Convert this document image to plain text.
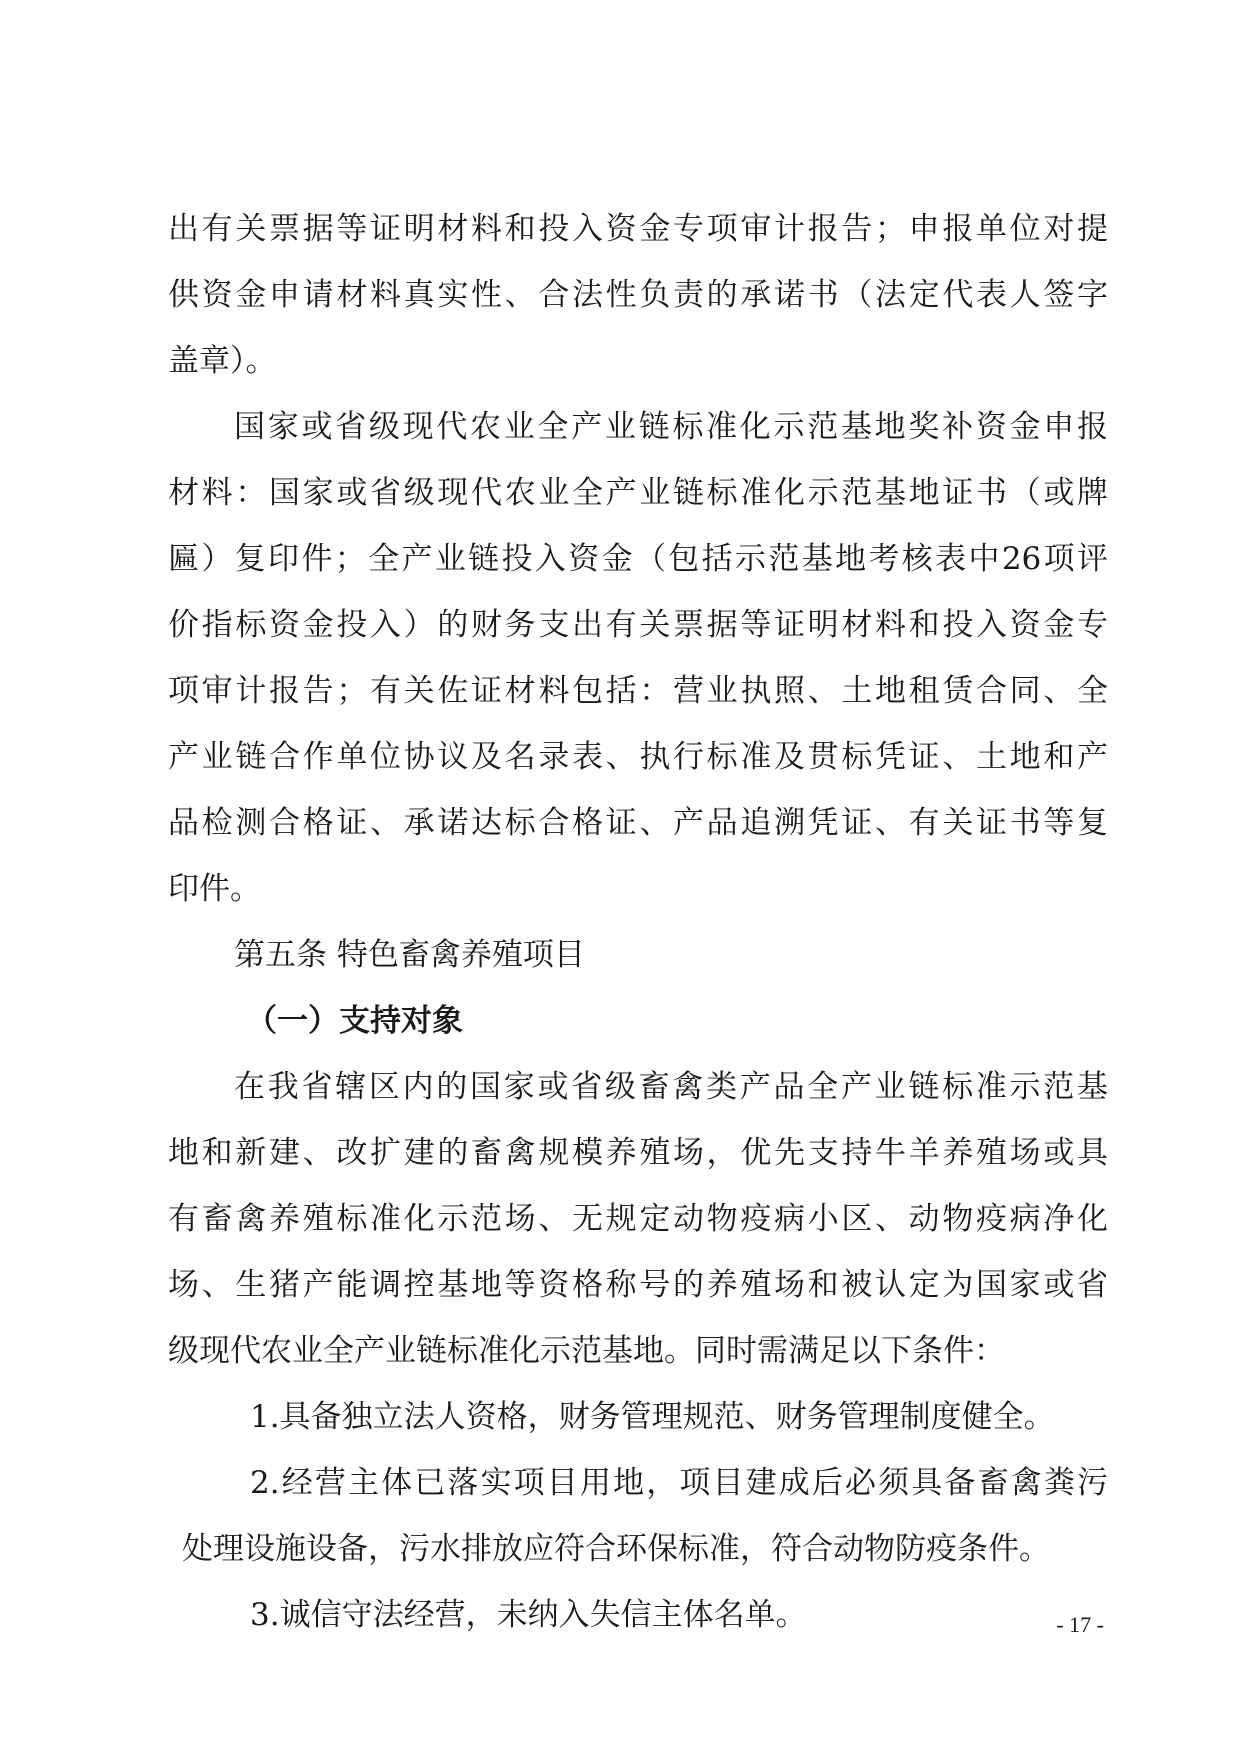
出有关票据等证明材料和投入资金专项审计报告；申报单位对提
供资金申请材料真实性、合法性负责的承诺书（法定代表人签字
盖章）。
国家或省级现代农业全产业链标准化示范基地奖补资金申报
材料：国家或省级现代农业全产业链标准化示范基地证书（或牌
匾）复印件；全产业链投入资金（包括示范基地考核表中26项评
价指标资金投入）的财务支出有关票据等证明材料和投入资金专
项审计报告；有关佐证材料包括：营业执照、土地租赁合同、全
产业链合作单位协议及名录表、执行标准及贯标凭证、土地和产
品检测合格证、承诺达标合格证、产品追溯凭证、有关证书等复
印件。
第五条 特色畜禽养殖项目
（一）支持对象
在我省辖区内的国家或省级畜禽类产品全产业链标准示范基
地和新建、改扩建的畜禽规模养殖场，优先支持牛羊养殖场或具
有畜禽养殖标准化示范场、无规定动物疫病小区、动物疫病净化
场、生猪产能调控基地等资格称号的养殖场和被认定为国家或省
级现代农业全产业链标准化示范基地。同时需满足以下条件：
1.具备独立法人资格，财务管理规范、财务管理制度健全。
2.经营主体已落实项目用地，项目建成后必须具备畜禽粪污
处理设施设备，污水排放应符合环保标准，符合动物防疫条件。
3.诚信守法经营，未纳入失信主体名单。	- 17 -
